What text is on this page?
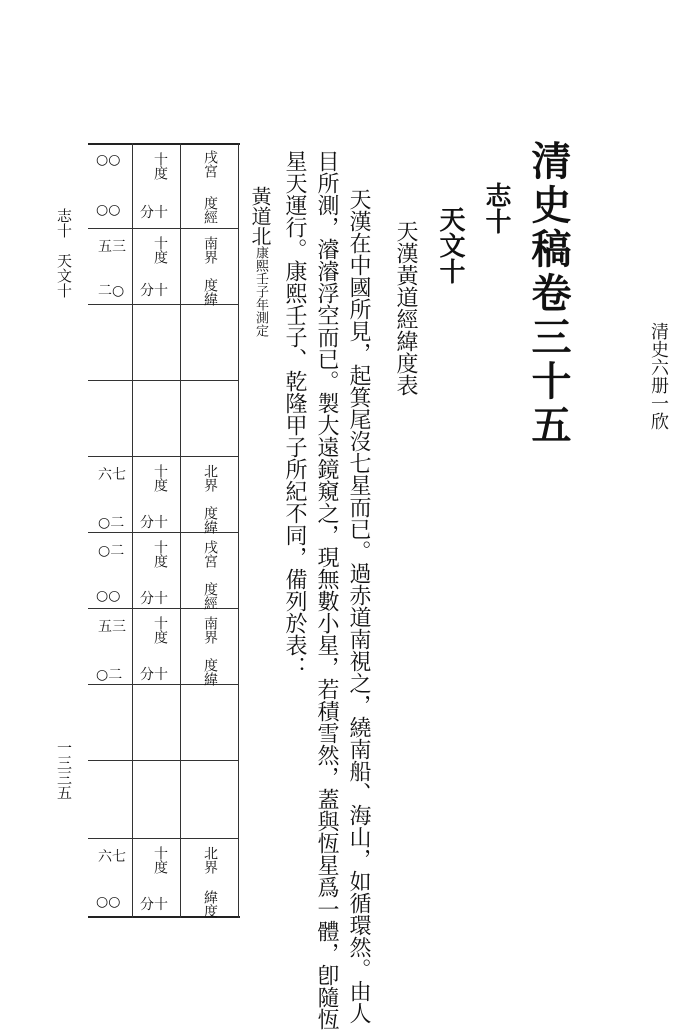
清史六册一欣
清史稿卷三十五
志十
天文十
天漢黃道經緯度表
天漢在中國所見，起箕尾沒七星而已。過赤道南視之，繞南船、海山，如循環然。由人
目所測，濬濬浮空而已。製大遠鏡窺之，現無數小星，若積雪然，蓋與恆星爲一體，卽隨恆
星天運行。康熙壬子、乾隆甲子所紀不同，備列於表：
黃道北康熙壬子年測定
志十　天文十
一三三五
戌宮
度經
十度
分十
○○
○○
南界
度緯
十度
分十
五三
二○
北界
度緯
十度
分十
六七
○二
戌宮
度經
十度
分十
○二
○○
南界
度緯
十度
分十
五三
○二
北界
緯度
十度
分十
六七
○○
